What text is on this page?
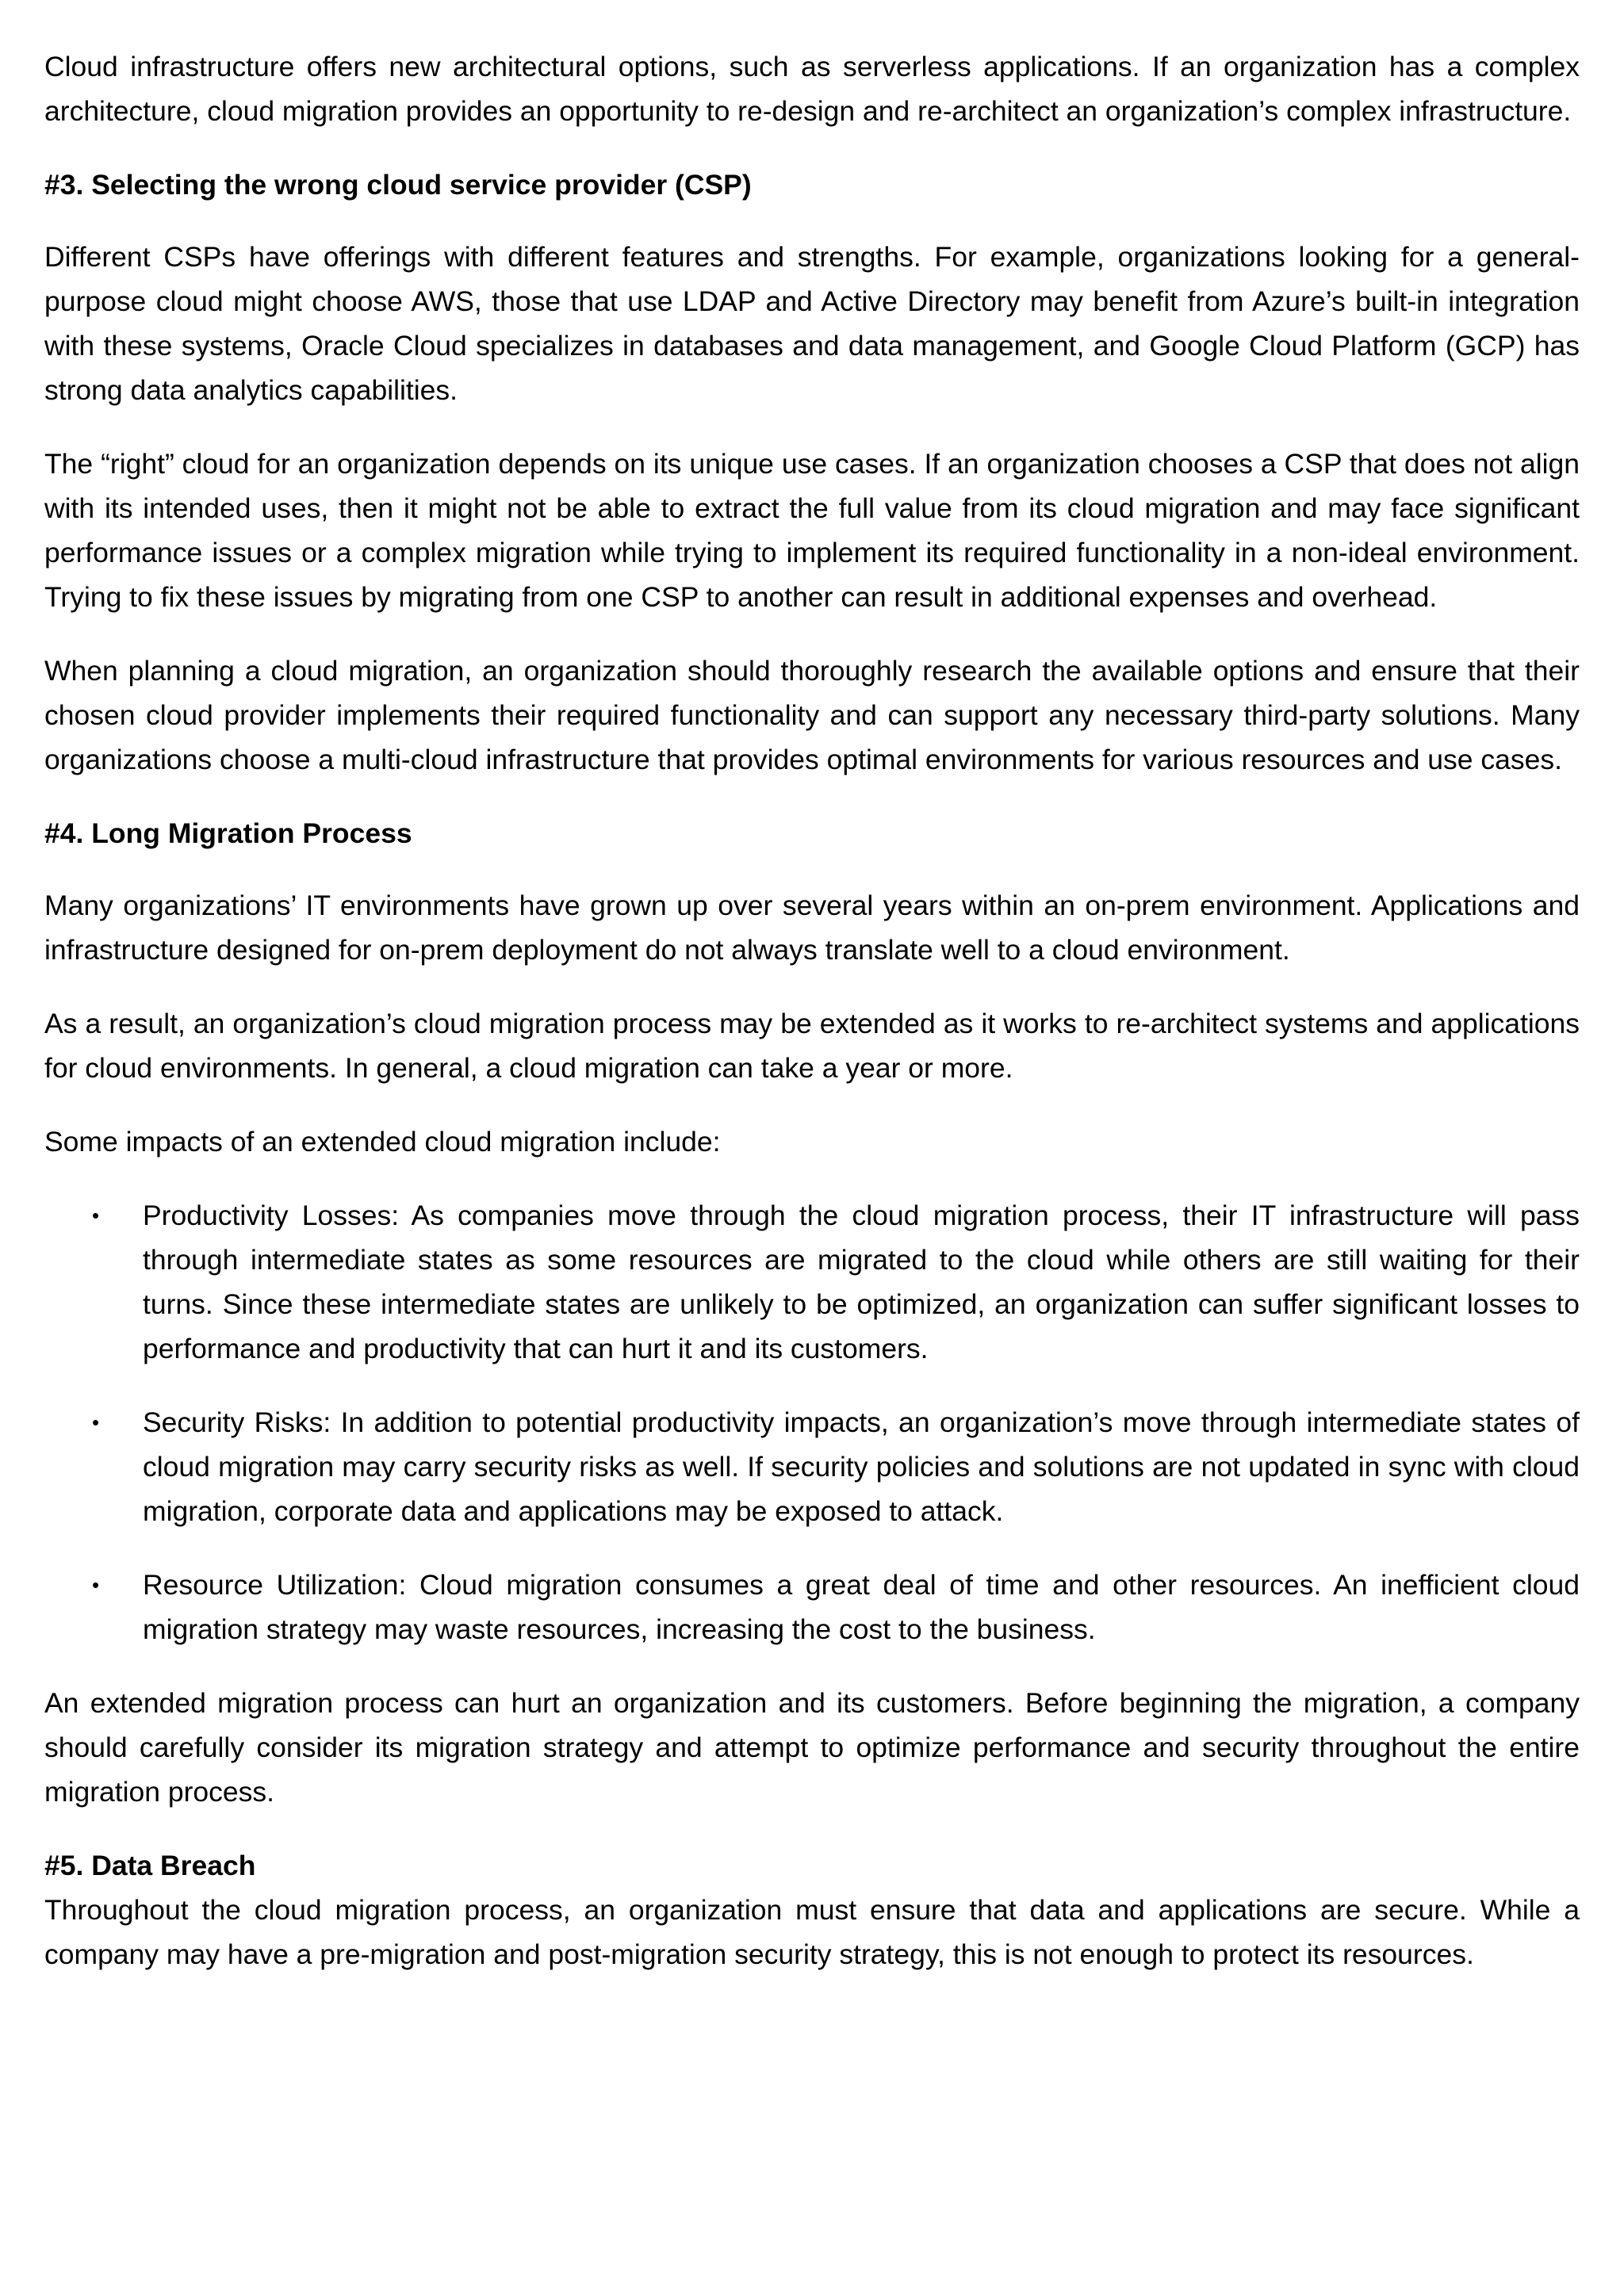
Cloud infrastructure offers new architectural options, such as serverless applications. If an organization has a complex architecture, cloud migration provides an opportunity to re-design and re-architect an organization’s complex infrastructure.

#3. Selecting the wrong cloud service provider (CSP)

Different CSPs have offerings with different features and strengths. For example, organizations looking for a general-purpose cloud might choose AWS, those that use LDAP and Active Directory may benefit from Azure’s built-in integration with these systems, Oracle Cloud specializes in databases and data management, and Google Cloud Platform (GCP) has strong data analytics capabilities.

The “right” cloud for an organization depends on its unique use cases. If an organization chooses a CSP that does not align with its intended uses, then it might not be able to extract the full value from its cloud migration and may face significant performance issues or a complex migration while trying to implement its required functionality in a non-ideal environment. Trying to fix these issues by migrating from one CSP to another can result in additional expenses and overhead.

When planning a cloud migration, an organization should thoroughly research the available options and ensure that their chosen cloud provider implements their required functionality and can support any necessary third-party solutions. Many organizations choose a multi-cloud infrastructure that provides optimal environments for various resources and use cases.

#4. Long Migration Process

Many organizations’ IT environments have grown up over several years within an on-prem environment. Applications and infrastructure designed for on-prem deployment do not always translate well to a cloud environment.

As a result, an organization’s cloud migration process may be extended as it works to re-architect systems and applications for cloud environments. In general, a cloud migration can take a year or more.

Some impacts of an extended cloud migration include:

• Productivity Losses: As companies move through the cloud migration process, their IT infrastructure will pass through intermediate states as some resources are migrated to the cloud while others are still waiting for their turns. Since these intermediate states are unlikely to be optimized, an organization can suffer significant losses to performance and productivity that can hurt it and its customers.
• Security Risks: In addition to potential productivity impacts, an organization’s move through intermediate states of cloud migration may carry security risks as well. If security policies and solutions are not updated in sync with cloud migration, corporate data and applications may be exposed to attack.
• Resource Utilization: Cloud migration consumes a great deal of time and other resources. An inefficient cloud migration strategy may waste resources, increasing the cost to the business.

An extended migration process can hurt an organization and its customers. Before beginning the migration, a company should carefully consider its migration strategy and attempt to optimize performance and security throughout the entire migration process.

#5. Data Breach

Throughout the cloud migration process, an organization must ensure that data and applications are secure. While a company may have a pre-migration and post-migration security strategy, this is not enough to protect its resources.
